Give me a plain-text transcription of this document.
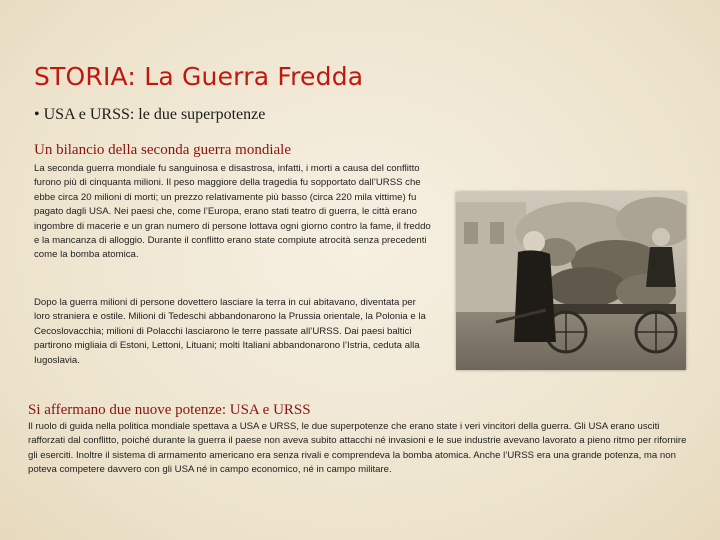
STORIA: La Guerra Fredda
• USA e URSS: le due superpotenze
Un bilancio della seconda guerra mondiale

La seconda guerra mondiale fu sanguinosa e disastrosa, infatti, i morti a causa del conflitto furono più di cinquanta milioni. Il peso maggiore della tragedia fu sopportato dall’URSS che ebbe circa 20 milioni di morti; un prezzo relativamente più basso (circa 220 mila vittime) fu pagato dagli USA. Nei paesi che, come l’Europa, erano stati teatro di guerra, le città erano ingombre di macerie e un gran numero di persone lottava ogni giorno contro la fame, il freddo e la mancanza di alloggio. Durante il conflitto erano state compiute atrocità senza precedenti come la bomba atomica.

Dopo la guerra milioni di persone dovettero lasciare la terra in cui abitavano, diventata per loro straniera e ostile. Milioni di Tedeschi abbandonarono la Prussia orientale, la Polonia e la Cecoslovacchia; milioni di Polacchi lasciarono le terre passate all’URSS. Dai paesi baltici partirono migliaia di Estoni, Lettoni, Lituani; molti Italiani abbandonarono l’Istria, ceduta alla Iugoslavia.

Si affermano due nuove potenze: USA e URSS

Il ruolo di guida nella politica mondiale spettava a USA e URSS, le due superpotenze che erano state i veri vincitori della guerra. Gli USA erano usciti rafforzati dal conflitto, poiché durante la guerra il paese non aveva subito attacchi né invasioni e le sue industrie avevano lavorato a pieno ritmo per rifornire gli eserciti. Inoltre il sistema di armamento americano era senza rivali e comprendeva la bomba atomica. Anche l’URSS era una grande potenza, ma non poteva competere davvero con gli USA né in campo economico, né in campo militare.
